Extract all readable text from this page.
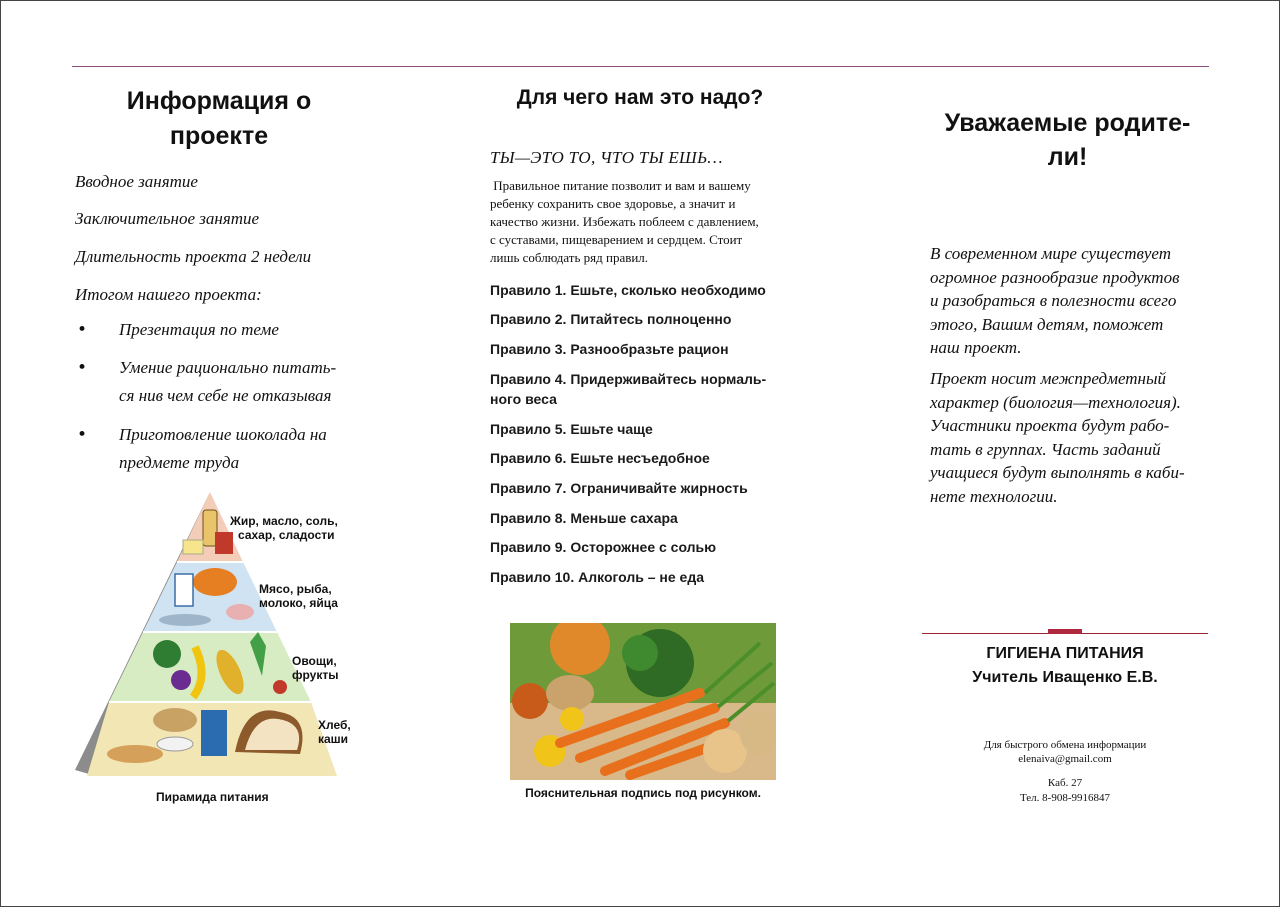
Информация о
проекте
Вводное занятие
Заключительное занятие
Длительность проекта 2 недели
Итогом нашего проекта:
• Презентация по теме
• Умение рационально питать-
ся нив чем себе не отказывая
• Приготовление шоколада на
предмете труда
Жир, масло, соль,
сахар, сладости
Мясо, рыба,
молоко, яйца
Овощи,
фрукты
Хлеб,
каши
Пирамида питания
Для чего нам это надо?
ТЫ—ЭТО ТО, ЧТО ТЫ ЕШЬ…
Правильное питание позволит и вам и вашему
ребенку сохранить свое здоровье, а значит и
качество жизни. Избежать поблеем с давлением,
с суставами, пищеварением и сердцем. Стоит
лишь соблюдать ряд правил.
Правило 1. Ешьте, сколько необходимо
Правило 2. Питайтесь полноценно
Правило 3. Разнообразьте рацион
Правило 4. Придерживайтесь нормаль-
ного веса
Правило 5. Ешьте чаще
Правило 6. Ешьте несъедобное
Правило 7. Ограничивайте жирность
Правило 8. Меньше сахара
Правило 9. Осторожнее с солью
Правило 10. Алкоголь – не еда
Пояснительная подпись под рисунком.
Уважаемые родите-
ли!
В современном мире существует
огромное разнообразие продуктов
и разобраться в полезности всего
этого, Вашим детям, поможет
наш проект.
Проект носит межпредметный
характер (биология—технология).
Участники проекта будут рабо-
тать в группах. Часть заданий
учащиеся будут выполнять в каби-
нете технологии.
ГИГИЕНА ПИТАНИЯ
Учитель Иващенко Е.В.
Для быстрого обмена информации
elenaiva@gmail.com
Каб. 27
Тел. 8-908-9916847
